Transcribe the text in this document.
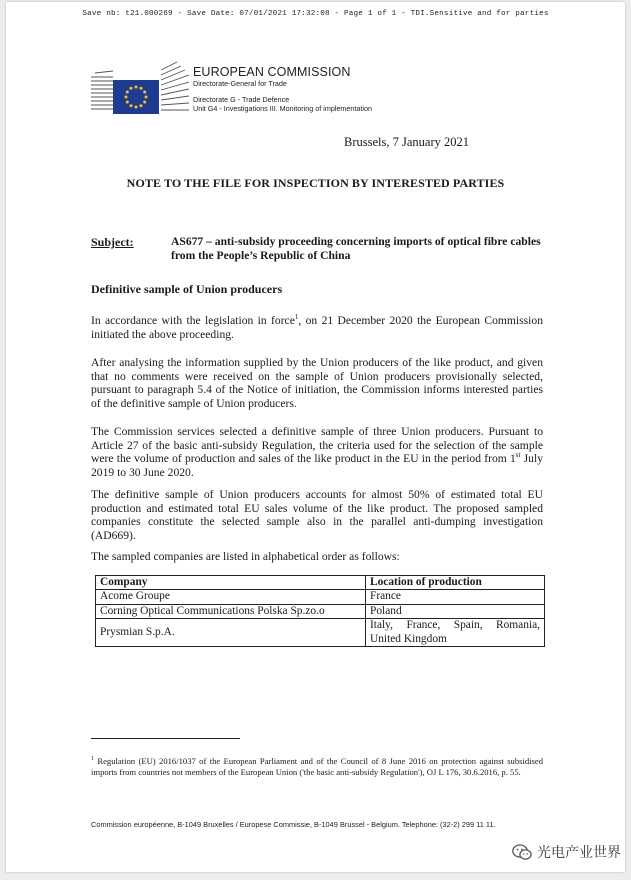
Save nb: t21.000269 - Save Date: 07/01/2021 17:32:08 - Page 1 of 1 - TDI.Sensitive and for parties
EUROPEAN COMMISSION
Directorate-General for Trade
Directorate G - Trade Defence
Unit G4 - Investigations III. Monitoring of implementation
Brussels, 7 January 2021
NOTE TO THE FILE FOR INSPECTION BY INTERESTED PARTIES
Subject:	AS677 – anti-subsidy proceeding concerning imports of optical fibre cables from the People’s Republic of China
Definitive sample of Union producers
In accordance with the legislation in force$^1$, on 21 December 2020 the European Commission initiated the above proceeding.
After analysing the information supplied by the Union producers of the like product, and given that no comments were received on the sample of Union producers provisionally selected, pursuant to paragraph 5.4 of the Notice of initiation, the Commission informs interested parties of the definitive sample of Union producers.
The Commission services selected a definitive sample of three Union producers. Pursuant to Article 27 of the basic anti-subsidy Regulation, the criteria used for the selection of the sample were the volume of production and sales of the like product in the EU in the period from 1st July 2019 to 30 June 2020.
The definitive sample of Union producers accounts for almost 50% of estimated total EU production and estimated total EU sales volume of the like product. The proposed sampled companies constitute the selected sample also in the parallel anti-dumping investigation (AD669).
The sampled companies are listed in alphabetical order as follows:
Company	Location of production
Acome Groupe	France
Corning Optical Communications Polska Sp.zo.o	Poland
Prysmian S.p.A.	Italy, France, Spain, Romania, United Kingdom
$^1$ Regulation (EU) 2016/1037 of the European Parliament and of the Council of 8 June 2016 on protection against subsidised imports from countries not members of the European Union ('the basic anti-subsidy Regulation'), OJ L 176, 30.6.2016, p. 55.
Commission européenne, B-1049 Bruxelles / Europese Commissie, B-1049 Brussel - Belgium. Telephone: (32-2) 299 11 11.
光电产业世界
